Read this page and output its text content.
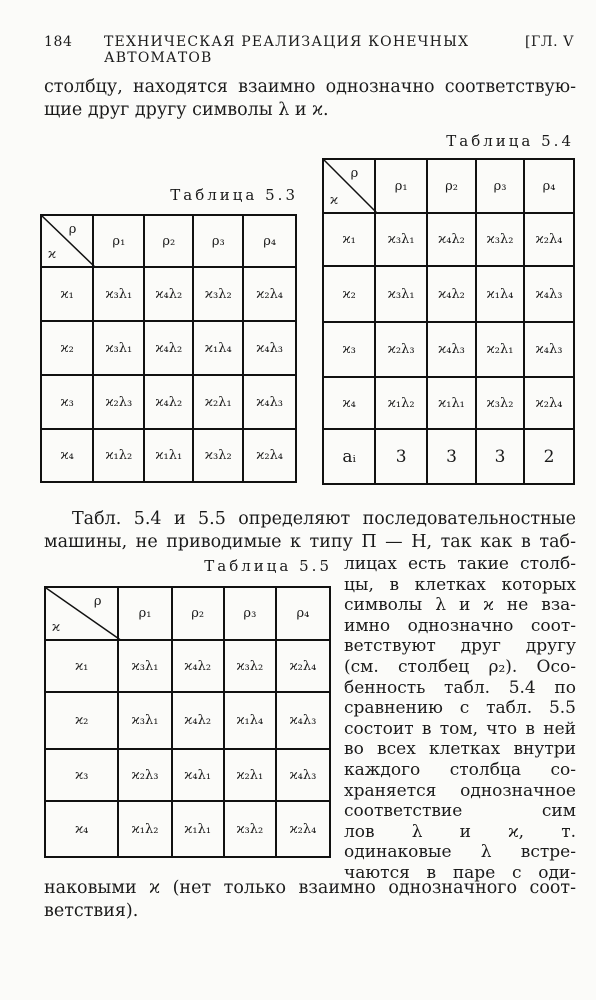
184 ТЕХНИЧЕСКАЯ РЕАЛИЗАЦИЯ КОНЕЧНЫХ АВТОМАТОВ
[ГЛ. V
столбцу, находятся взаимно однозначно соответствую-
щие друг другу символы λ и ϰ.
Таблица 5.4
Таблица 5.3
Таблица 5.5
ρ
ϰ	ρ₁	ρ₂	ρ₃	ρ₄
ϰ₁	ϰ₃λ₁	ϰ₄λ₂	ϰ₃λ₂	ϰ₂λ₄
ϰ₂	ϰ₃λ₁	ϰ₄λ₂	ϰ₁λ₄	ϰ₄λ₃
ϰ₃	ϰ₂λ₃	ϰ₄λ₂	ϰ₂λ₁	ϰ₄λ₃
ϰ₄	ϰ₁λ₂	ϰ₁λ₁	ϰ₃λ₂	ϰ₂λ₄
ρ
ϰ	ρ₁	ρ₂	ρ₃	ρ₄
ϰ₁	ϰ₃λ₁	ϰ₄λ₂	ϰ₃λ₂	ϰ₂λ₄
ϰ₂	ϰ₃λ₁	ϰ₄λ₂	ϰ₁λ₄	ϰ₄λ₃
ϰ₃	ϰ₂λ₃	ϰ₄λ₃	ϰ₂λ₁	ϰ₄λ₃
ϰ₄	ϰ₁λ₂	ϰ₁λ₁	ϰ₃λ₂	ϰ₂λ₄
aᵢ	3	3	3	2
ρ
ϰ	ρ₁	ρ₂	ρ₃	ρ₄
ϰ₁	ϰ₃λ₁	ϰ₄λ₂	ϰ₃λ₂	ϰ₂λ₄
ϰ₂	ϰ₃λ₁	ϰ₄λ₂	ϰ₁λ₄	ϰ₄λ₃
ϰ₃	ϰ₂λ₃	ϰ₄λ₁	ϰ₂λ₁	ϰ₄λ₃
ϰ₄	ϰ₁λ₂	ϰ₁λ₁	ϰ₃λ₂	ϰ₂λ₄
Табл. 5.4 и 5.5 определяют последовательностные
машины, не приводимые к типу П — Н, так как в таб-
лицах есть такие столб-
цы, в клетках которых
символы λ и ϰ не вза-
имно однозначно соот-
ветствуют друг другу
(см. столбец ρ₂). Осо-
бенность табл. 5.4 по
сравнению с табл. 5.5
состоит в том, что в ней
во всех клетках внутри
каждого столбца со-
храняется однозначное
соответствие сим
лов λ и ϰ, т.
одинаковые λ встре-
чаются в паре с оди-
наковыми ϰ (нет только взаимно однозначного соот-
ветствия).
